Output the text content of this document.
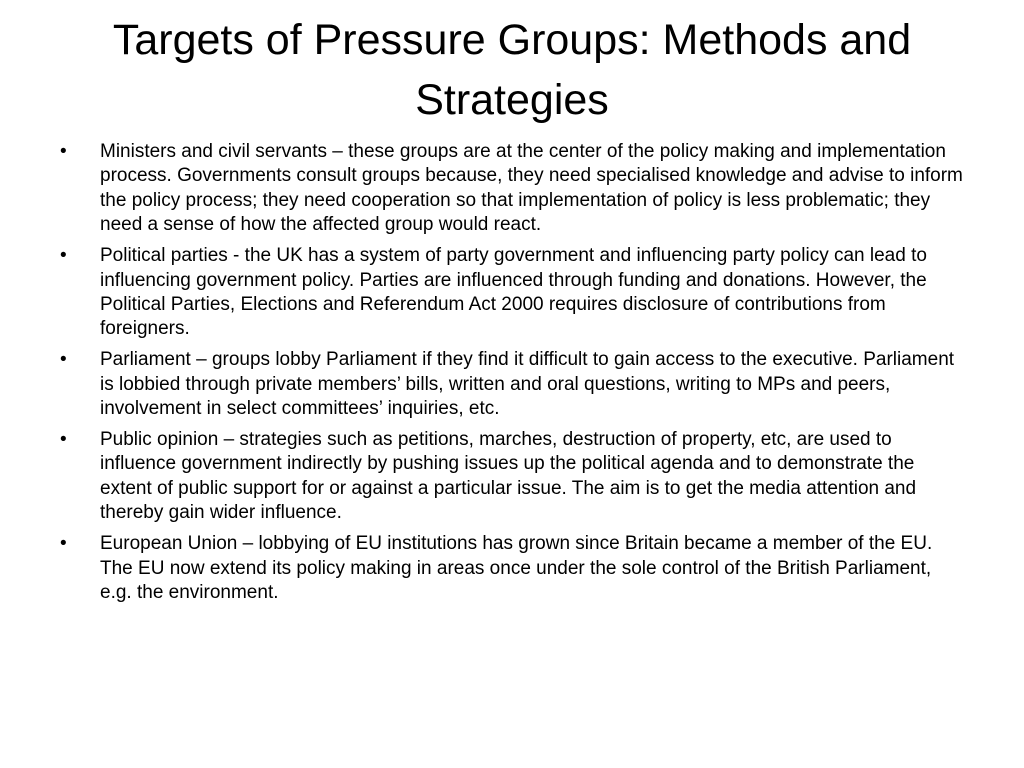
Targets of Pressure Groups: Methods and Strategies
•	Ministers and civil servants – these groups are at the center of the policy making and implementation process. Governments consult groups because, they need specialised knowledge and advise to inform the policy process; they need cooperation so that implementation of policy is less problematic; they need a sense of how the affected group would react.
•	Political parties - the UK has a system of party government and influencing party policy can lead to influencing government policy. Parties are influenced through funding and donations. However, the Political Parties, Elections and Referendum Act 2000 requires disclosure of contributions from foreigners.
•	Parliament – groups lobby Parliament if they find it difficult to gain access to the executive. Parliament is lobbied through private members’ bills, written and oral questions, writing to MPs and peers, involvement in select committees’ inquiries, etc.
•	Public opinion – strategies such as petitions, marches, destruction of property, etc, are used to influence government indirectly by pushing issues up the political agenda and to demonstrate the extent of public support for or against a particular issue. The aim is to get the media attention and thereby gain wider influence.
•	European Union – lobbying of EU institutions has grown since Britain became a member of the EU. The EU now extend its policy making in areas once under the sole control of the British Parliament, e.g. the environment.
